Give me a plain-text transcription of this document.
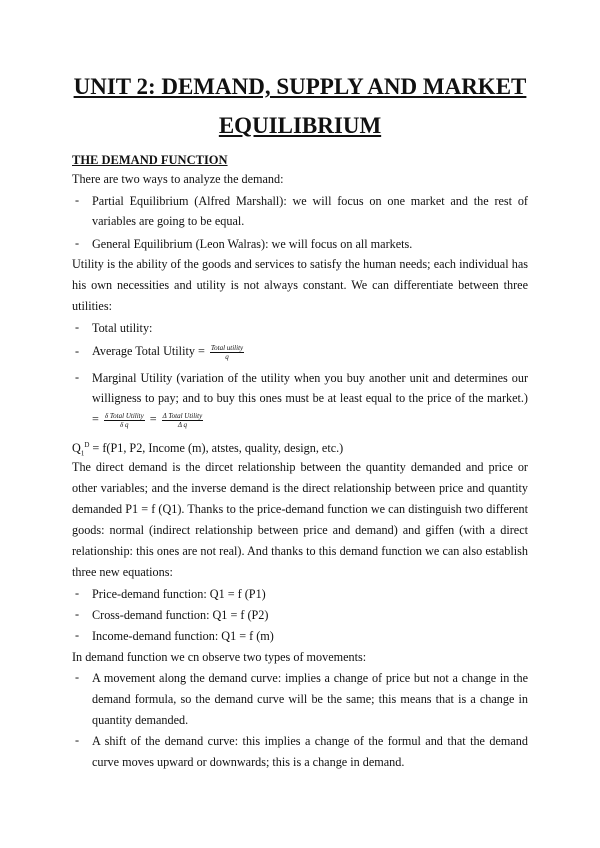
UNIT 2: DEMAND, SUPPLY AND MARKET
EQUILIBRIUM
THE DEMAND FUNCTION
There are two ways to analyze the demand:
- Partial Equilibrium (Alfred Marshall): we will focus on one market and the rest of
variables are going to be equal.
- General Equilibrium (Leon Walras): we will focus on all markets.
Utility is the ability of the goods and services to satisfy the human needs; each individual has
his own necessities and utility is not always constant. We can differentiate between three
utilities:
- Total utility:
- Average Total Utility = $\frac{\text{Total utility}}{q}$
- Marginal Utility (variation of the utility when you buy another unit and determines our
willigness to pay; and to buy this ones must be at least equal to the price of the market.)
= $\frac{\text{δ Total Utility}}{\text{δ q}} = \frac{\text{Δ Total Utility}}{\text{Δ q}}$
$Q_1^D = f(P1$, P2, Income (m), atstes, quality, design, etc.)
The direct demand is the dircet relationship between the quantity demanded and price or
other variables; and the inverse demand is the direct relationship between price and quantity
demanded P1 = f (Q1). Thanks to the price-demand function we can distinguish two different
goods: normal (indirect relationship between price and demand) and giffen (with a direct
relationship: this ones are not real). And thanks to this demand function we can also establish
three new equations:
- Price-demand function: Q1 = f (P1)
- Cross-demand function: Q1 = f (P2)
- Income-demand function: Q1 = f (m)
In demand function we cn observe two types of movements:
- A movement along the demand curve: implies a change of price but not a change in the
demand formula, so the demand curve will be the same; this means that is a change in
quantity demanded.
- A shift of the demand curve: this implies a change of the formul and that the demand
curve moves upward or downwards; this is a change in demand.
